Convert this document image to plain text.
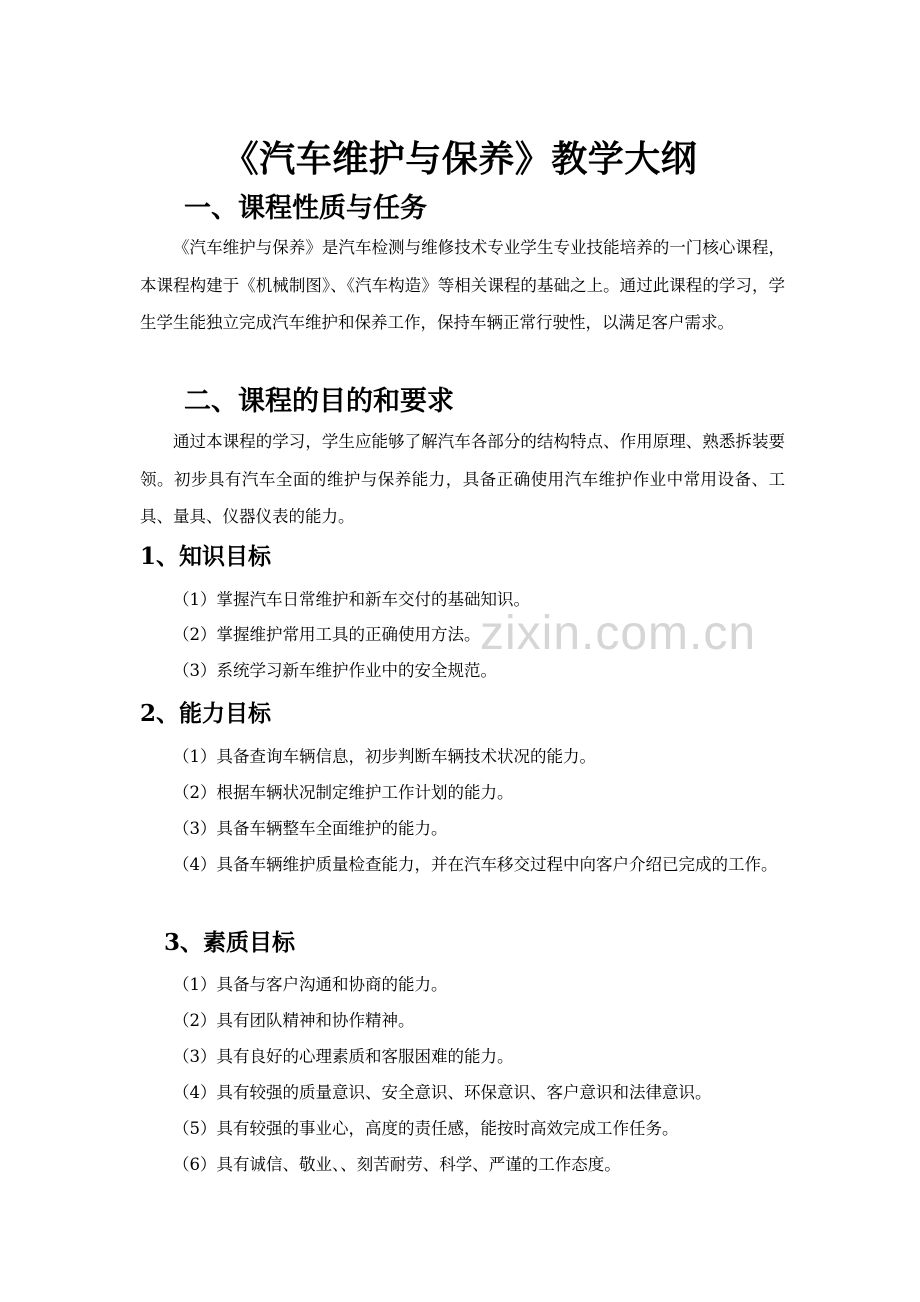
《汽车维护与保养》教学大纲
一、课程性质与任务
《汽车维护与保养》是汽车检测与维修技术专业学生专业技能培养的一门核心课程，本课程构建于《机械制图》、《汽车构造》等相关课程的基础之上。通过此课程的学习，学生学生能独立完成汽车维护和保养工作，保持车辆正常行驶性，以满足客户需求。
二、课程的目的和要求
通过本课程的学习，学生应能够了解汽车各部分的结构特点、作用原理、熟悉拆装要领。初步具有汽车全面的维护与保养能力，具备正确使用汽车维护作业中常用设备、工具、量具、仪器仪表的能力。
1、知识目标
（1）掌握汽车日常维护和新车交付的基础知识。
（2）掌握维护常用工具的正确使用方法。
（3）系统学习新车维护作业中的安全规范。
2、能力目标
（1）具备查询车辆信息，初步判断车辆技术状况的能力。
（2）根据车辆状况制定维护工作计划的能力。
（3）具备车辆整车全面维护的能力。
（4）具备车辆维护质量检查能力，并在汽车移交过程中向客户介绍已完成的工作。
3、素质目标
（1）具备与客户沟通和协商的能力。
（2）具有团队精神和协作精神。
（3）具有良好的心理素质和客服困难的能力。
（4）具有较强的质量意识、安全意识、环保意识、客户意识和法律意识。
（5）具有较强的事业心，高度的责任感，能按时高效完成工作任务。
（6）具有诚信、敬业、、刻苦耐劳、科学、严谨的工作态度。
zixin.com.cn
